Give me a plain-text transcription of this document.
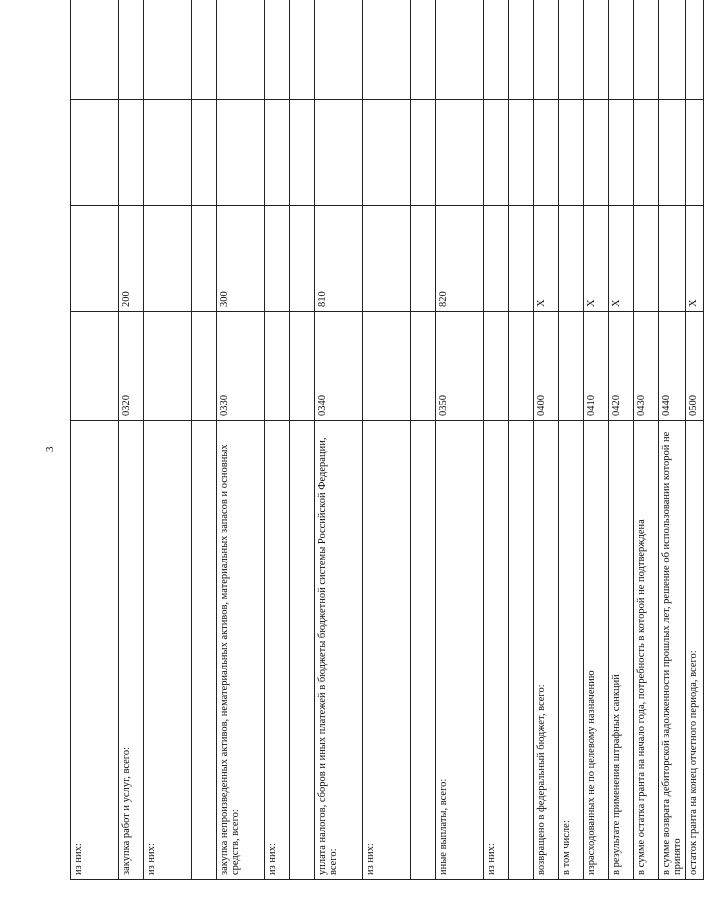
3
из них:				
закупка работ и услуг, всего:	0320	200		
из них:				

закупка непроизведенных активов, нематериальных активов, материальных запасов и основных средств, всего:	0330	300		
из них:				

уплата налогов, сборов и иных платежей в бюджеты бюджетной системы Российской Федерации, всего:	0340	810		
из них:				

иные выплаты, всего:	0350	820		
из них:				

возвращено в федеральный бюджет, всего:	0400	X		
в том числе:				
израсходованных не по целевому назначению	0410	X		
в результате применения штрафных санкций	0420	X		
в сумме остатка гранта на начало года, потребность в которой не подтверждена	0430			
в сумме возврата дебиторской задолженности прошлых лет, решение об использовании которой не принято	0440			
остаток гранта на конец отчетного периода, всего:	0500	X		
